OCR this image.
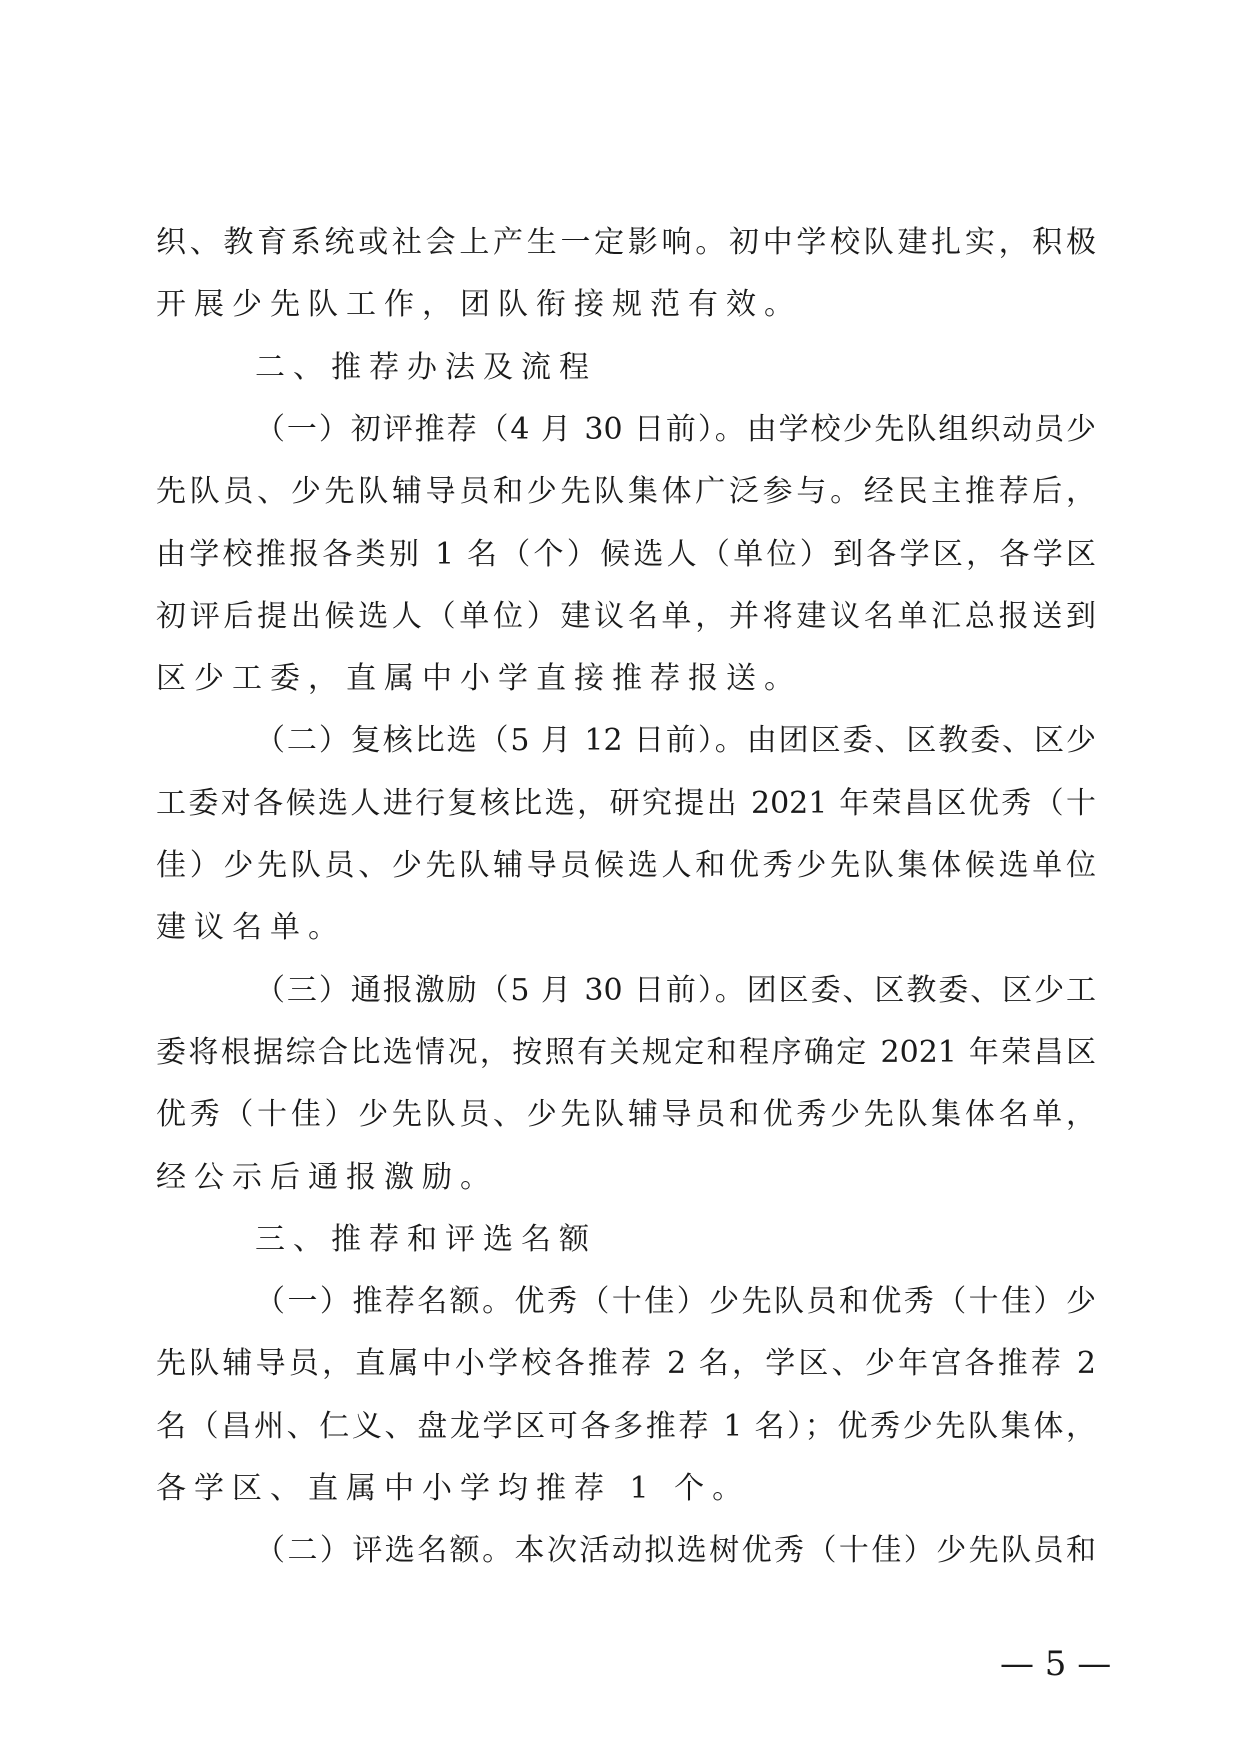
织、教育系统或社会上产生一定影响。初中学校队建扎实，积极
开展少先队工作，团队衔接规范有效。
二、推荐办法及流程
（一）初评推荐（4 月 30 日前）。由学校少先队组织动员少
先队员、少先队辅导员和少先队集体广泛参与。经民主推荐后，
由学校推报各类别 1 名（个）候选人（单位）到各学区，各学区
初评后提出候选人（单位）建议名单，并将建议名单汇总报送到
区少工委，直属中小学直接推荐报送。
（二）复核比选（5 月 12 日前）。由团区委、区教委、区少
工委对各候选人进行复核比选，研究提出 2021 年荣昌区优秀（十
佳）少先队员、少先队辅导员候选人和优秀少先队集体候选单位
建议名单。
（三）通报激励（5 月 30 日前）。团区委、区教委、区少工
委将根据综合比选情况，按照有关规定和程序确定 2021 年荣昌区
优秀（十佳）少先队员、少先队辅导员和优秀少先队集体名单，
经公示后通报激励。
三、推荐和评选名额
（一）推荐名额。优秀（十佳）少先队员和优秀（十佳）少
先队辅导员，直属中小学校各推荐 2 名，学区、少年宫各推荐 2
名（昌州、仁义、盘龙学区可各多推荐 1 名）；优秀少先队集体，
各学区、直属中小学均推荐 1 个。
（二）评选名额。本次活动拟选树优秀（十佳）少先队员和
— 5 —
